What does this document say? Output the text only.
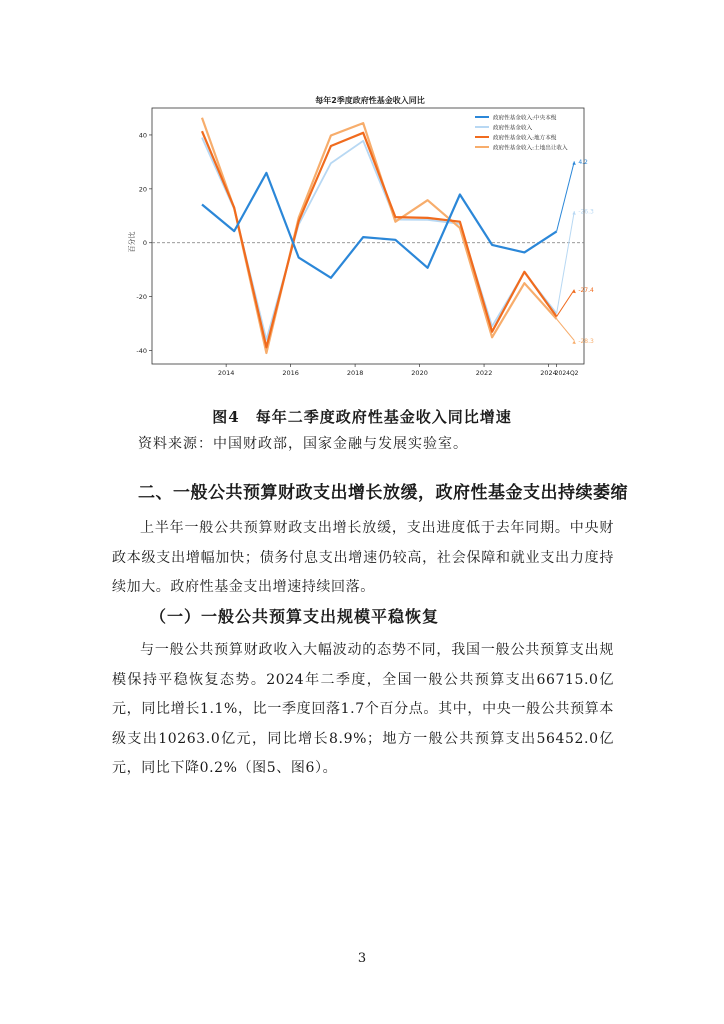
每年2季度政府性基金收入同比
百分比
-40
-20
0
20
40
2014	2016	2018	2020	2022	2024
2024Q2
4.2
-26.3
-27.4
-28.3
政府性基金收入:中央本级
政府性基金收入
政府性基金收入:地方本级
政府性基金收入:土地出让收入
图4　每年二季度政府性基金收入同比增速
资料来源：中国财政部，国家金融与发展实验室。
二、一般公共预算财政支出增长放缓，政府性基金支出持续萎缩

上半年一般公共预算财政支出增长放缓，支出进度低于去年同期。中央财政本级支出增幅加快；债务付息支出增速仍较高，社会保障和就业支出力度持续加大。政府性基金支出增速持续回落。

（一）一般公共预算支出规模平稳恢复

与一般公共预算财政收入大幅波动的态势不同，我国一般公共预算支出规模保持平稳恢复态势。2024年二季度，全国一般公共预算支出66715.0亿元，同比增长1.1%，比一季度回落1.7个百分点。其中，中央一般公共预算本级支出10263.0亿元，同比增长8.9%；地方一般公共预算支出56452.0亿元，同比下降0.2%（图5、图6）。

3
